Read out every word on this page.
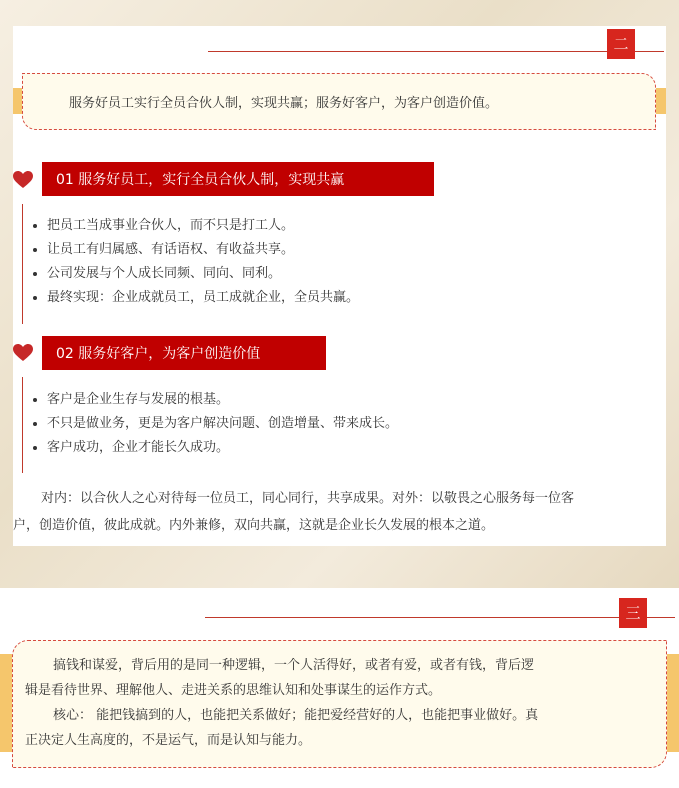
二
服务好员工实行全员合伙人制，实现共赢；服务好客户，为客户创造价值。
01 服务好员工，实行全员合伙人制，实现共赢
把员工当成事业合伙人，而不只是打工人。
让员工有归属感、有话语权、有收益共享。
公司发展与个人成长同频、同向、同利。
最终实现：企业成就员工，员工成就企业，全员共赢。
02 服务好客户，为客户创造价值
客户是企业生存与发展的根基。
不只是做业务，更是为客户解决问题、创造增量、带来成长。
客户成功，企业才能长久成功。
对内：以合伙人之心对待每一位员工，同心同行，共享成果。对外：以敬畏之心服务每一位客
户，创造价值，彼此成就。内外兼修，双向共赢，这就是企业长久发展的根本之道。
三
搞钱和谋爱，背后用的是同一种逻辑，一个人活得好，或者有爱，或者有钱，背后逻
辑是看待世界、理解他人、走进关系的思维认知和处事谋生的运作方式。
核心： 能把钱搞到的人，也能把关系做好；能把爱经营好的人，也能把事业做好。真
正决定人生高度的，不是运气，而是认知与能力。
